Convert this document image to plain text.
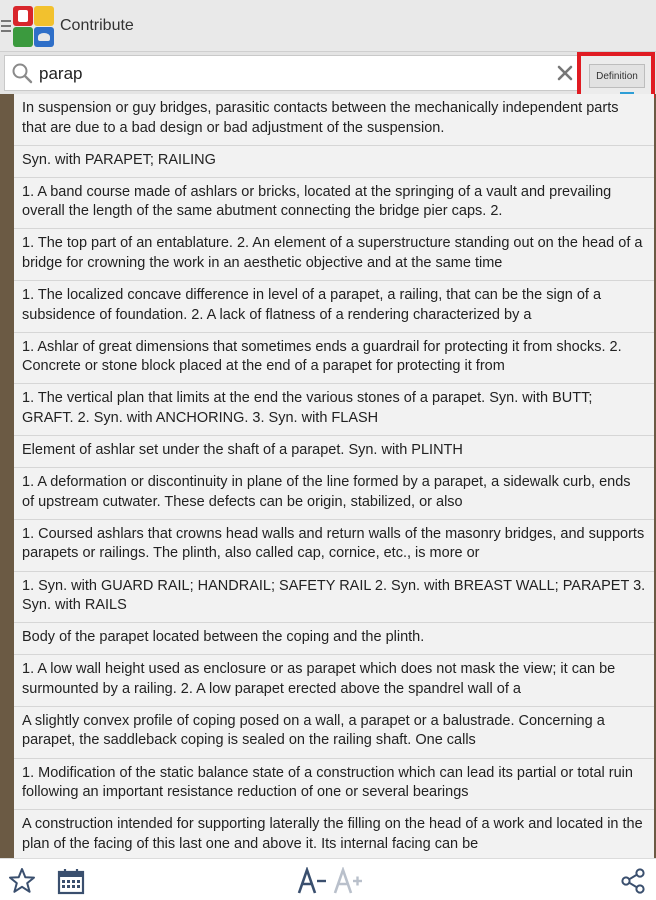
Contribute
parap
Definition
In suspension or guy bridges, parasitic contacts between the mechanically independent parts that are due to a bad design or bad adjustment of the suspension.
Syn. with PARAPET; RAILING
1. A band course made of ashlars or bricks, located at the springing of a vault and prevailing overall the length of the same abutment connecting the bridge pier caps. 2.
1. The top part of an entablature. 2. An element of a superstructure standing out on the head of a bridge for crowning the work in an aesthetic objective and at the same time
1. The localized concave difference in level of a parapet, a railing, that can be the sign of a subsidence of foundation. 2. A lack of flatness of a rendering characterized by a
1. Ashlar of great dimensions that sometimes ends a guardrail for protecting it from shocks. 2. Concrete or stone block placed at the end of a parapet for protecting it from
1. The vertical plan that limits at the end the various stones of a parapet. Syn. with BUTT; GRAFT. 2. Syn. with ANCHORING. 3. Syn. with FLASH
Element of ashlar set under the shaft of a parapet. Syn. with PLINTH
1. A deformation or discontinuity in plane of the line formed by a parapet, a sidewalk curb, ends of upstream cutwater. These defects can be origin, stabilized, or also
1. Coursed ashlars that crowns head walls and return walls of the masonry bridges, and supports parapets or railings. The plinth, also called cap, cornice, etc., is more or
1. Syn. with GUARD RAIL; HANDRAIL; SAFETY RAIL 2. Syn. with BREAST WALL; PARAPET 3. Syn. with RAILS
Body of the parapet located between the coping and the plinth.
1. A low wall height used as enclosure or as parapet which does not mask the view; it can be surmounted by a railing. 2. A low parapet erected above the spandrel wall of a
A slightly convex profile of coping posed on a wall, a parapet or a balustrade. Concerning a parapet, the saddleback coping is sealed on the railing shaft. One calls
1. Modification of the static balance state of a construction which can lead its partial or total ruin following an important resistance reduction of one or several bearings
A construction intended for supporting laterally the filling on the head of a work and located in the plan of the facing of this last one and above it. Its internal facing can be
